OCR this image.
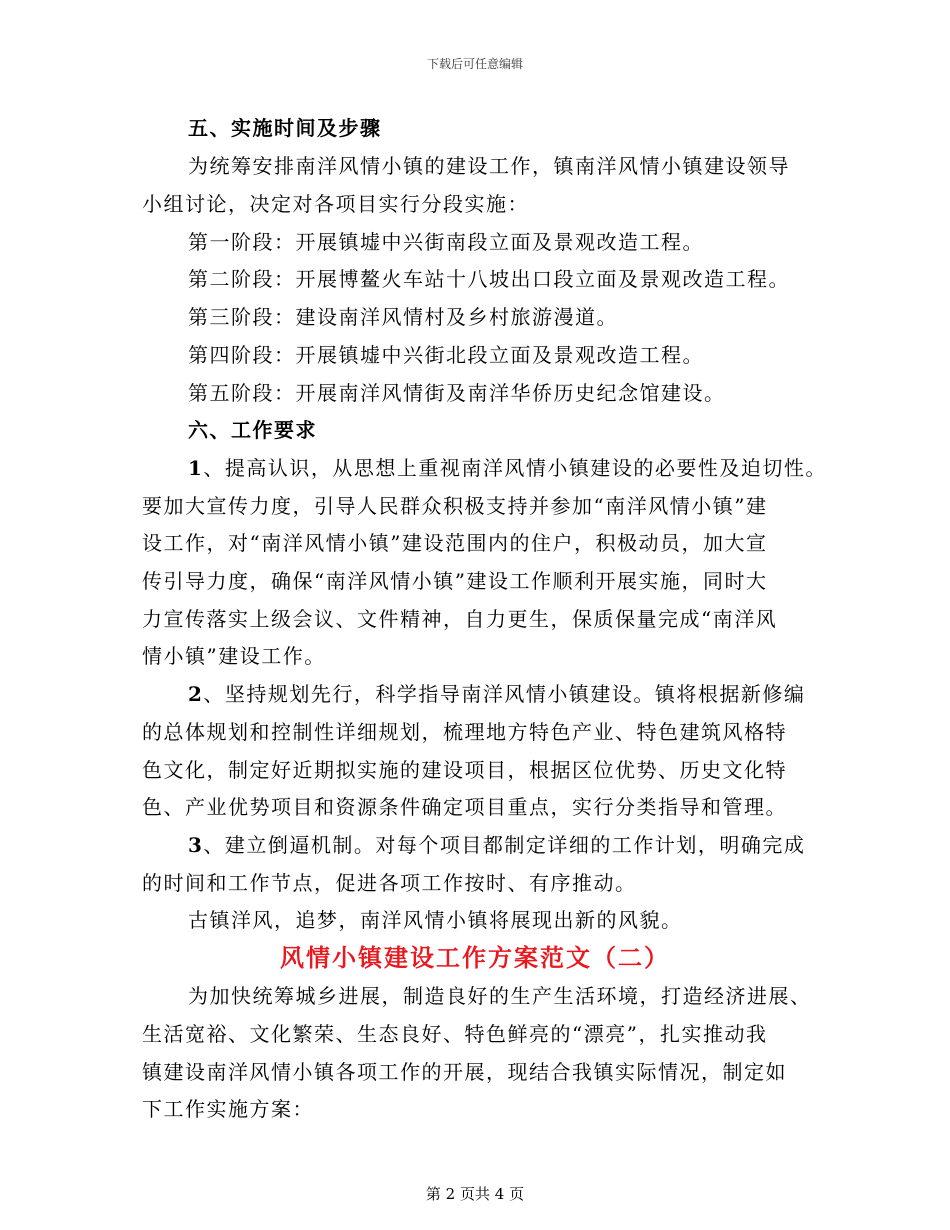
下载后可任意编辑

五、实施时间及步骤

为统筹安排南洋风情小镇的建设工作，镇南洋风情小镇建设领导

小组讨论，决定对各项目实行分段实施：

第一阶段：开展镇墟中兴街南段立面及景观改造工程。

第二阶段：开展博鳌火车站十八坡出口段立面及景观改造工程。

第三阶段：建设南洋风情村及乡村旅游漫道。

第四阶段：开展镇墟中兴街北段立面及景观改造工程。

第五阶段：开展南洋风情街及南洋华侨历史纪念馆建设。

六、工作要求

1、提高认识，从思想上重视南洋风情小镇建设的必要性及迫切性。

要加大宣传力度，引导人民群众积极支持并参加“南洋风情小镇”建

设工作，对“南洋风情小镇”建设范围内的住户，积极动员，加大宣

传引导力度，确保“南洋风情小镇”建设工作顺利开展实施，同时大

力宣传落实上级会议、文件精神，自力更生，保质保量完成“南洋风

情小镇”建设工作。

2、坚持规划先行，科学指导南洋风情小镇建设。镇将根据新修编

的总体规划和控制性详细规划，梳理地方特色产业、特色建筑风格特

色文化，制定好近期拟实施的建设项目，根据区位优势、历史文化特

色、产业优势项目和资源条件确定项目重点，实行分类指导和管理。

3、建立倒逼机制。对每个项目都制定详细的工作计划，明确完成

的时间和工作节点，促进各项工作按时、有序推动。

古镇洋风，追梦，南洋风情小镇将展现出新的风貌。

风情小镇建设工作方案范文（二）

为加快统筹城乡进展，制造良好的生产生活环境，打造经济进展、

生活宽裕、文化繁荣、生态良好、特色鲜亮的“漂亮”，扎实推动我

镇建设南洋风情小镇各项工作的开展，现结合我镇实际情况，制定如

下工作实施方案：

第 2 页共 4 页
